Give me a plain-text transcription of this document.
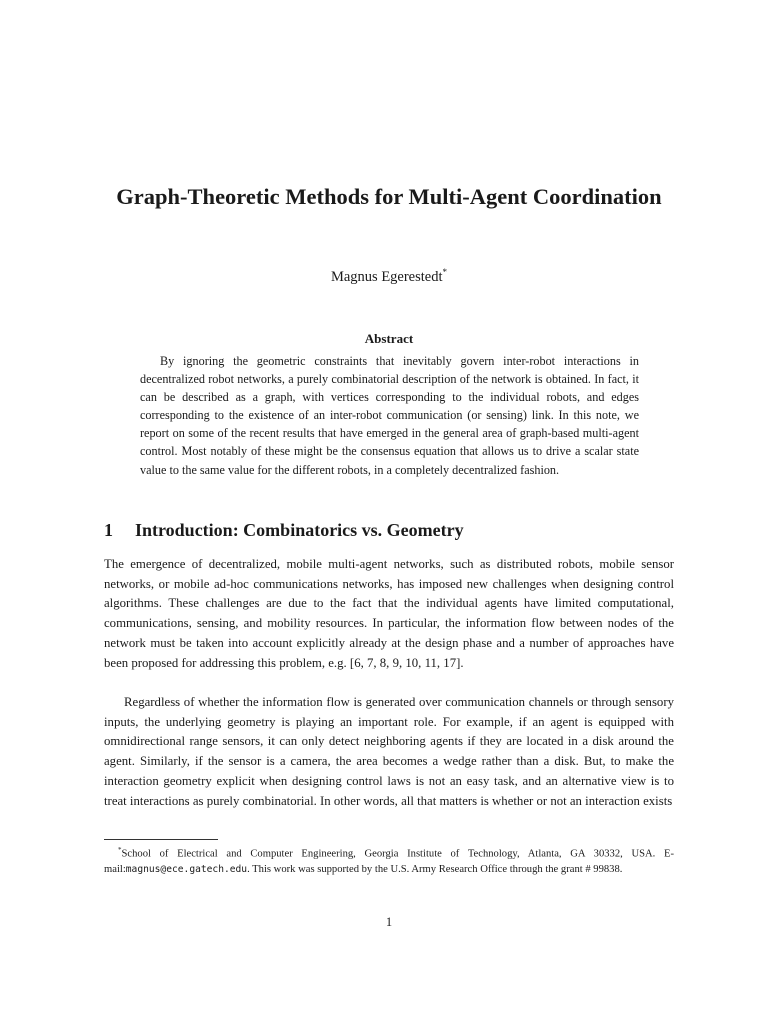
Graph-Theoretic Methods for Multi-Agent Coordination

Magnus Egerestedt*

Abstract

By ignoring the geometric constraints that inevitably govern inter-robot interactions in decentralized robot networks, a purely combinatorial description of the network is obtained. In fact, it can be described as a graph, with vertices corresponding to the individual robots, and edges corresponding to the existence of an inter-robot communication (or sensing) link. In this note, we report on some of the recent results that have emerged in the general area of graph-based multi-agent control. Most notably of these might be the consensus equation that allows us to drive a scalar state value to the same value for the different robots, in a completely decentralized fashion.

1 Introduction: Combinatorics vs. Geometry

The emergence of decentralized, mobile multi-agent networks, such as distributed robots, mobile sensor networks, or mobile ad-hoc communications networks, has imposed new challenges when designing control algorithms. These challenges are due to the fact that the individual agents have limited computational, communications, sensing, and mobility resources. In particular, the information flow between nodes of the network must be taken into account explicitly already at the design phase and a number of approaches have been proposed for addressing this problem, e.g. [6, 7, 8, 9, 10, 11, 17].

Regardless of whether the information flow is generated over communication channels or through sensory inputs, the underlying geometry is playing an important role. For example, if an agent is equipped with omnidirectional range sensors, it can only detect neighboring agents if they are located in a disk around the agent. Similarly, if the sensor is a camera, the area becomes a wedge rather than a disk. But, to make the interaction geometry explicit when designing control laws is not an easy task, and an alternative view is to treat interactions as purely combinatorial. In other words, all that matters is whether or not an interaction exists

*School of Electrical and Computer Engineering, Georgia Institute of Technology, Atlanta, GA 30332, USA. E-mail:magnus@ece.gatech.edu. This work was supported by the U.S. Army Research Office through the grant # 99838.

1
